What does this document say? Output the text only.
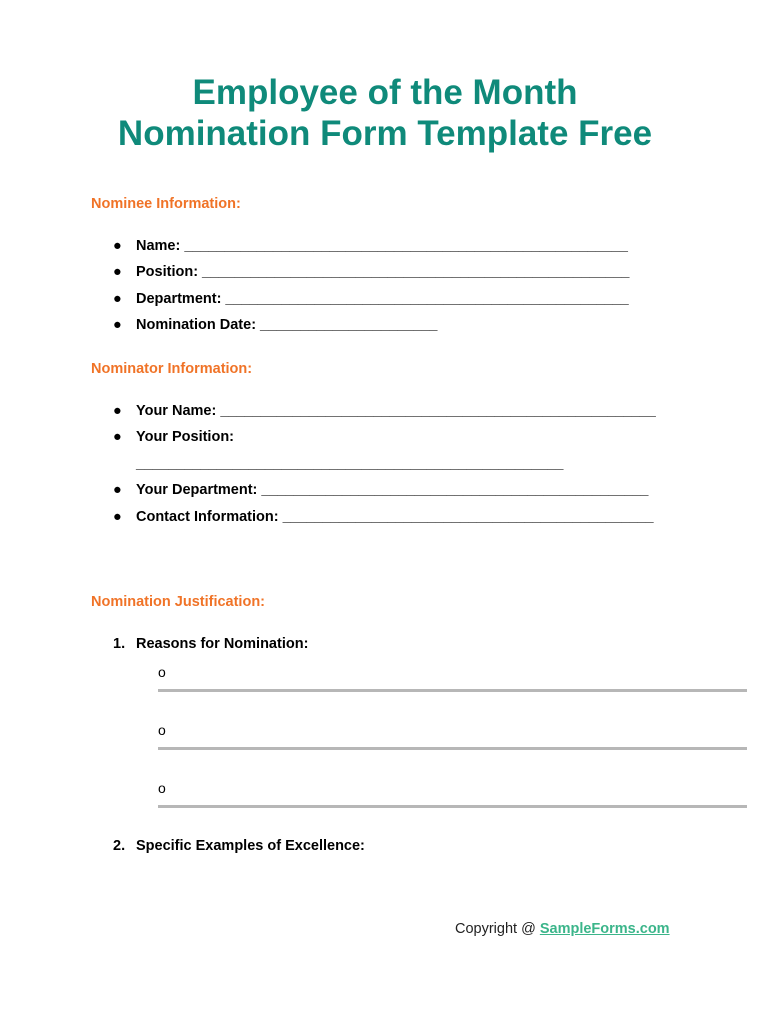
Employee of the Month
Nomination Form Template Free
Nominee Information:
● Name: _______________________________________________________
● Position: _____________________________________________________
● Department: __________________________________________________
● Nomination Date: ______________________
Nominator Information:
● Your Name: ______________________________________________________
● Your Position:
_____________________________________________________
● Your Department: ________________________________________________
● Contact Information: ______________________________________________
Nomination Justification:
1. Reasons for Nomination:
o
o
o
2. Specific Examples of Excellence:
Copyright @ SampleForms.com
